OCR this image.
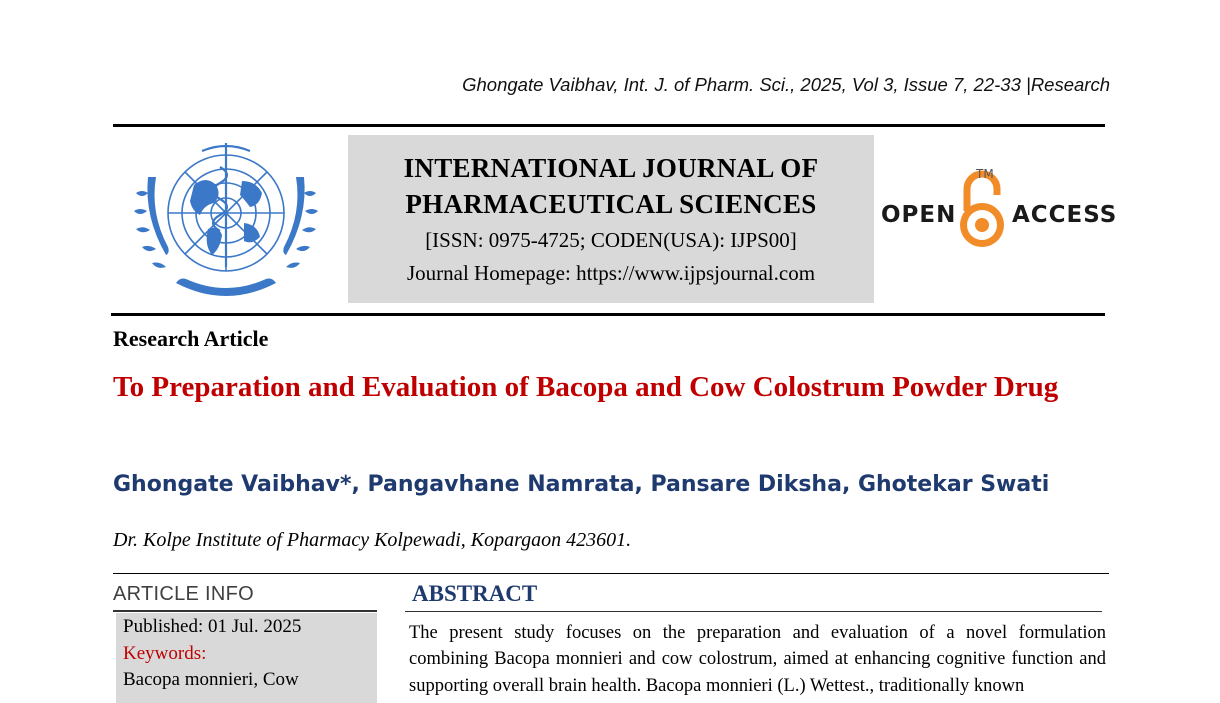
Ghongate Vaibhav, Int. J. of Pharm. Sci., 2025, Vol 3, Issue 7, 22-33 |Research
INTERNATIONAL JOURNAL OF
PHARMACEUTICAL SCIENCES
[ISSN: 0975-4725; CODEN(USA): IJPS00]
Journal Homepage: https://www.ijpsjournal.com
OPEN
TM
ACCESS
Research Article
To Preparation and Evaluation of Bacopa and Cow Colostrum Powder Drug
Ghongate Vaibhav*, Pangavhane Namrata, Pansare Diksha, Ghotekar Swati
Dr. Kolpe Institute of Pharmacy Kolpewadi, Kopargaon 423601.
ARTICLE INFO
Published: 01 Jul. 2025
Keywords:
Bacopa monnieri, Cow
ABSTRACT
The present study focuses on the preparation and evaluation of a novel formulation combining Bacopa monnieri and cow colostrum, aimed at enhancing cognitive function and supporting overall brain health. Bacopa monnieri (L.) Wettest., traditionally known
